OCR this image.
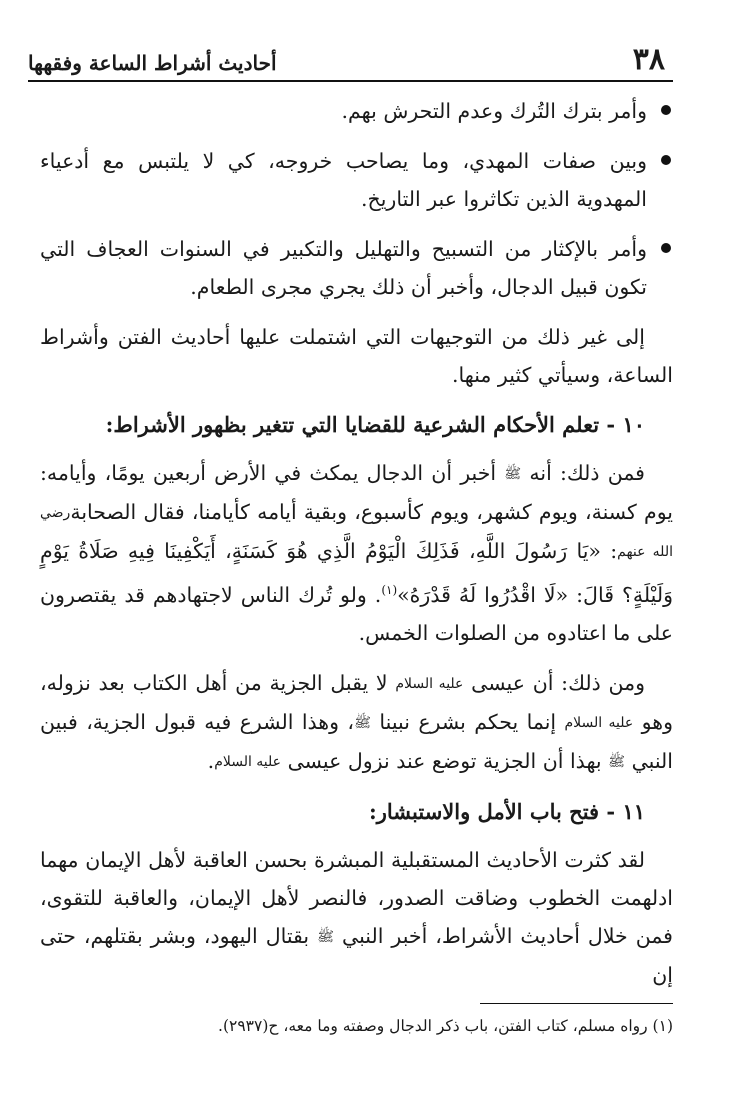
٣٨
أحاديث أشراط الساعة وفقهها
وأمر بترك التُرك وعدم التحرش بهم.
وبين صفات المهدي، وما يصاحب خروجه، كي لا يلتبس مع أدعياء المهدوية الذين تكاثروا عبر التاريخ.
وأمر بالإكثار من التسبيح والتهليل والتكبير في السنوات العجاف التي تكون قبيل الدجال، وأخبر أن ذلك يجري مجرى الطعام.

إلى غير ذلك من التوجيهات التي اشتملت عليها أحاديث الفتن وأشراط الساعة، وسيأتي كثير منها.

١٠ - تعلم الأحكام الشرعية للقضايا التي تتغير بظهور الأشراط:

فمن ذلك: أنه ﷺ أخبر أن الدجال يمكث في الأرض أربعين يومًا، وأيامه: يوم كسنة، ويوم كشهر، ويوم كأسبوع، وبقية أيامه كأيامنا، فقال الصحابةرضي الله عنهم: «يَا رَسُولَ اللَّهِ، فَذَلِكَ الْيَوْمُ الَّذِي هُوَ كَسَنَةٍ، أَيَكْفِينَا فِيهِ صَلَاةُ يَوْمٍ وَلَيْلَةٍ؟ قَالَ: «لَا اقْدُرُوا لَهُ قَدْرَهُ»$^{(١)}$. ولو تُرك الناس لاجتهادهم قد يقتصرون على ما اعتادوه من الصلوات الخمس.

ومن ذلك: أن عيسى عليه السلام لا يقبل الجزية من أهل الكتاب بعد نزوله، وهو عليه السلام إنما يحكم بشرع نبينا ﷺ، وهذا الشرع فيه قبول الجزية، فبين النبي ﷺ بهذا أن الجزية توضع عند نزول عيسى عليه السلام.

١١ - فتح باب الأمل والاستبشار:

لقد كثرت الأحاديث المستقبلية المبشرة بحسن العاقبة لأهل الإيمان مهما ادلهمت الخطوب وضاقت الصدور، فالنصر لأهل الإيمان، والعاقبة للتقوى، فمن خلال أحاديث الأشراط، أخبر النبي ﷺ بقتال اليهود، وبشر بقتلهم، حتى إن

(١) رواه مسلم، كتاب الفتن، باب ذكر الدجال وصفته وما معه، ح(٢٩٣٧).
